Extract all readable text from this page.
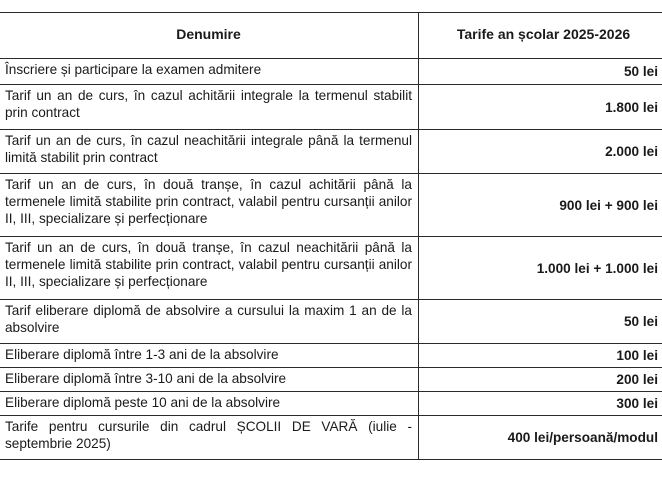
Denumire	Tarife an școlar 2025-2026
Înscriere și participare la examen admitere	50 lei
Tarif un an de curs, în cazul achitării integrale la termenul stabilit prin contract	1.800 lei
Tarif un an de curs, în cazul neachitării integrale până la termenul limită stabilit prin contract	2.000 lei
Tarif un an de curs, în două tranșe, în cazul achitării până la termenele limită stabilite prin contract, valabil pentru cursanții anilor II, III, specializare și perfecționare	900 lei + 900 lei
Tarif un an de curs, în două tranșe, în cazul neachitării până la termenele limită stabilite prin contract, valabil pentru cursanții anilor II, III, specializare și perfecționare	1.000 lei + 1.000 lei
Tarif eliberare diplomă de absolvire a cursului la maxim 1 an de la absolvire	50 lei
Eliberare diplomă între 1-3 ani de la absolvire	100 lei
Eliberare diplomă între 3-10 ani de la absolvire	200 lei
Eliberare diplomă peste 10 ani de la absolvire	300 lei
Tarife pentru cursurile din cadrul ȘCOLII DE VARĂ (iulie - septembrie 2025)	400 lei/persoană/modul
